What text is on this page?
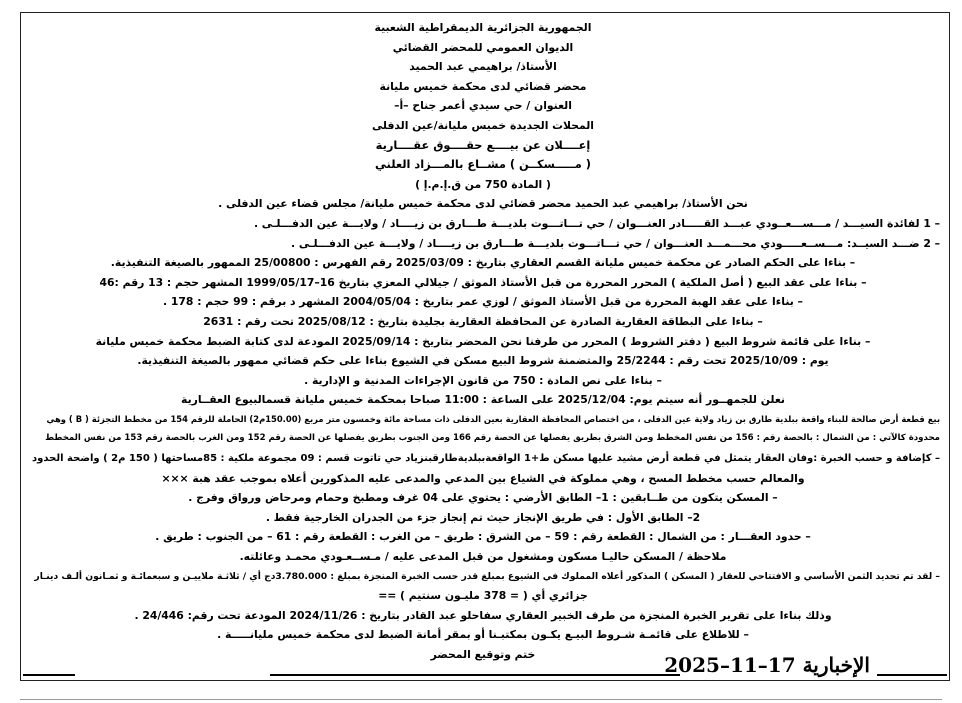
الجمهورية الجزائرية الديمقراطية الشعبية
الديوان العمومي للمحضر القضائي
الأستاذ/ براهيمي عبد الحميد
محضر قضائي لدى محكمة خميس مليانة
العنوان / حي سيدي أعمر جناح –أ–
المحلات الجديدة خميس مليانة/عين الدفلى
إعــــلان عن بيــــع حقــــوق عقــــارية
( مـــــسكــن ) مشــاع بالمـــزاد العلني
( المادة 750 من ق.إ.م.إ )
نحن الأستاذ/ براهيمي عبد الحميد محضر قضائي لدى محكمة خميس مليانة/ مجلس قضاء عين الدفلى .
– 1 لفائدة السيـــد / مـــســـعــودي عبـــد القـــــادر العنـــوان / حي تـــاتـــوت بلديـــة طـــارق بن زيــــاد / ولايـــة عين الدفـــلـى .
– 2 ضـــد السيــد: مـــســعـــــودي محـــمـــد العنـــوان / حي تـــاتـــوت بلديـــة طـــارق بن زيــــاد / ولايـــة عين الدفـــلـى .
– بناءا على الحكم الصادر عن محكمة خميس مليانة القسم العقاري بتاريخ : 2025/03/09 رقم الفهرس : 25/00800 الممهور بالصيغة التنفيذية.
– بناءا على عقد البيع ( أصل الملكية ) المحرر المحررة من قبل الأستاذ الموثق / جيلالي المعزي بتاريخ 16–1999/05/17 المشهر حجم : 13 رقم :46
– بناءا على عقد الهبة المحررة من قبل الأستاذ الموثق / لوزي عمر بتاريخ : 2004/05/04 المشهر د برقم : 99 حجم : 178 .
– بناءا على البطاقة العقارية الصادرة عن المحافظة العقارية بجليدة بتاريخ : 2025/08/12 تحت رقم : 2631
– بناءا على قائمة شروط البيع ( دفتر الشروط ) المحرر من طرفنا نحن المحضر بتاريخ : 2025/09/14 المودعة لدى كتابة الضبط محكمة خميس مليانة
يوم : 2025/10/09 تحت رقم : 25/2244 والمتضمنة شروط البيع مسكن في الشيوع بناءا على حكم قضائي ممهور بالصيغة التنفيذية.
– بناءا على نص المادة : 750 من قانون الإجراءات المدنية و الإدارية .
نعلن للجمهــور أنه سيتم يوم: 2025/12/04 على الساعة : 11:00 صباحا بمحكمة خميس مليانة قسمالبيوع العقــارية
بيع قطعة أرض صالحة للبناء واقعة ببلدية طارق بن زياد ولاية عين الدفلى ، من اختصاص المحافظة العقارية بعين الدفلى ذات مساحة مائة وخمسون متر مربع (150.00م2) الحاملة للرقم 154 من مخطط التجزئة ( B ) وهي
محدودة كالآتي : من الشمال : بالحصة رقم : 156 من نفس المخطط ومن الشرق بطريق يفصلها عن الحصة رقم 166 ومن الجنوب بطريق يفصلها عن الحصة رقم 152 ومن الغرب بالحصة رقم 153 من نفس المخطط
– كإضافة و حسب الخبرة :وفان العقار يتمثل في قطعة أرض مشيد عليها مسكن ط+1 الواقعةببلديةطارقبنزياد حي تاتوت قسم : 09 مجموعة ملكية : 85مساحتها ( 150 م2 ) واضحة الحدود
والمعالم حسب مخطط المسح ، وهي مملوكة في الشياع بين المدعي والمدعى عليه المذكورين أعلاه بموجب عقد هبة ×××
– المسكن يتكون من طــابقين : 1– الطابق الأرضي : يحتوي على 04 غرف ومطبخ وحمام ومرحاض ورواق وفرج .
2– الطابق الأول : في طريق الإنجاز حيث تم إنجاز جزء من الجدران الخارجية فقط .
– حدود العقـــار : من الشمال : القطعة رقم : 59 – من الشرق : طريق – من الغرب : القطعة رقم : 61 – من الجنوب : طريق .
ملاحظة / المسكن حاليـا مسكون ومشغول من قبل المدعى عليه / مـســعـودي محمـد وعائلته.
– لقد تم تحديد الثمن الأساسي و الافتتاحي للعقار ( المسكن ) المذكور أعلاه المملوك في الشيوع بمبلغ قدر حسب الخبرة المنجزة بمبلغ : 3.780.000دج أي / ثلاثـة ملاييـن و سبعمائـة و ثمـانون ألـف دينـار
جزائري أي ( = 378 مليـون سنتيم ) ==
وذلك بناءا على تقرير الخبرة المنجزة من طرف الخبير العقاري سفاحلو عبد القادر بتاريخ : 2024/11/26 المودعة تحت رقم: 24/446 .
– للاطلاع على قائمـة شـروط البيـع يكـون بمكتبـنا أو بمقر أمانة الضبط لدى محكمة خميس مليانـــــة .
ختم وتوقيع المحضر	الإخبارية 17–11–2025
